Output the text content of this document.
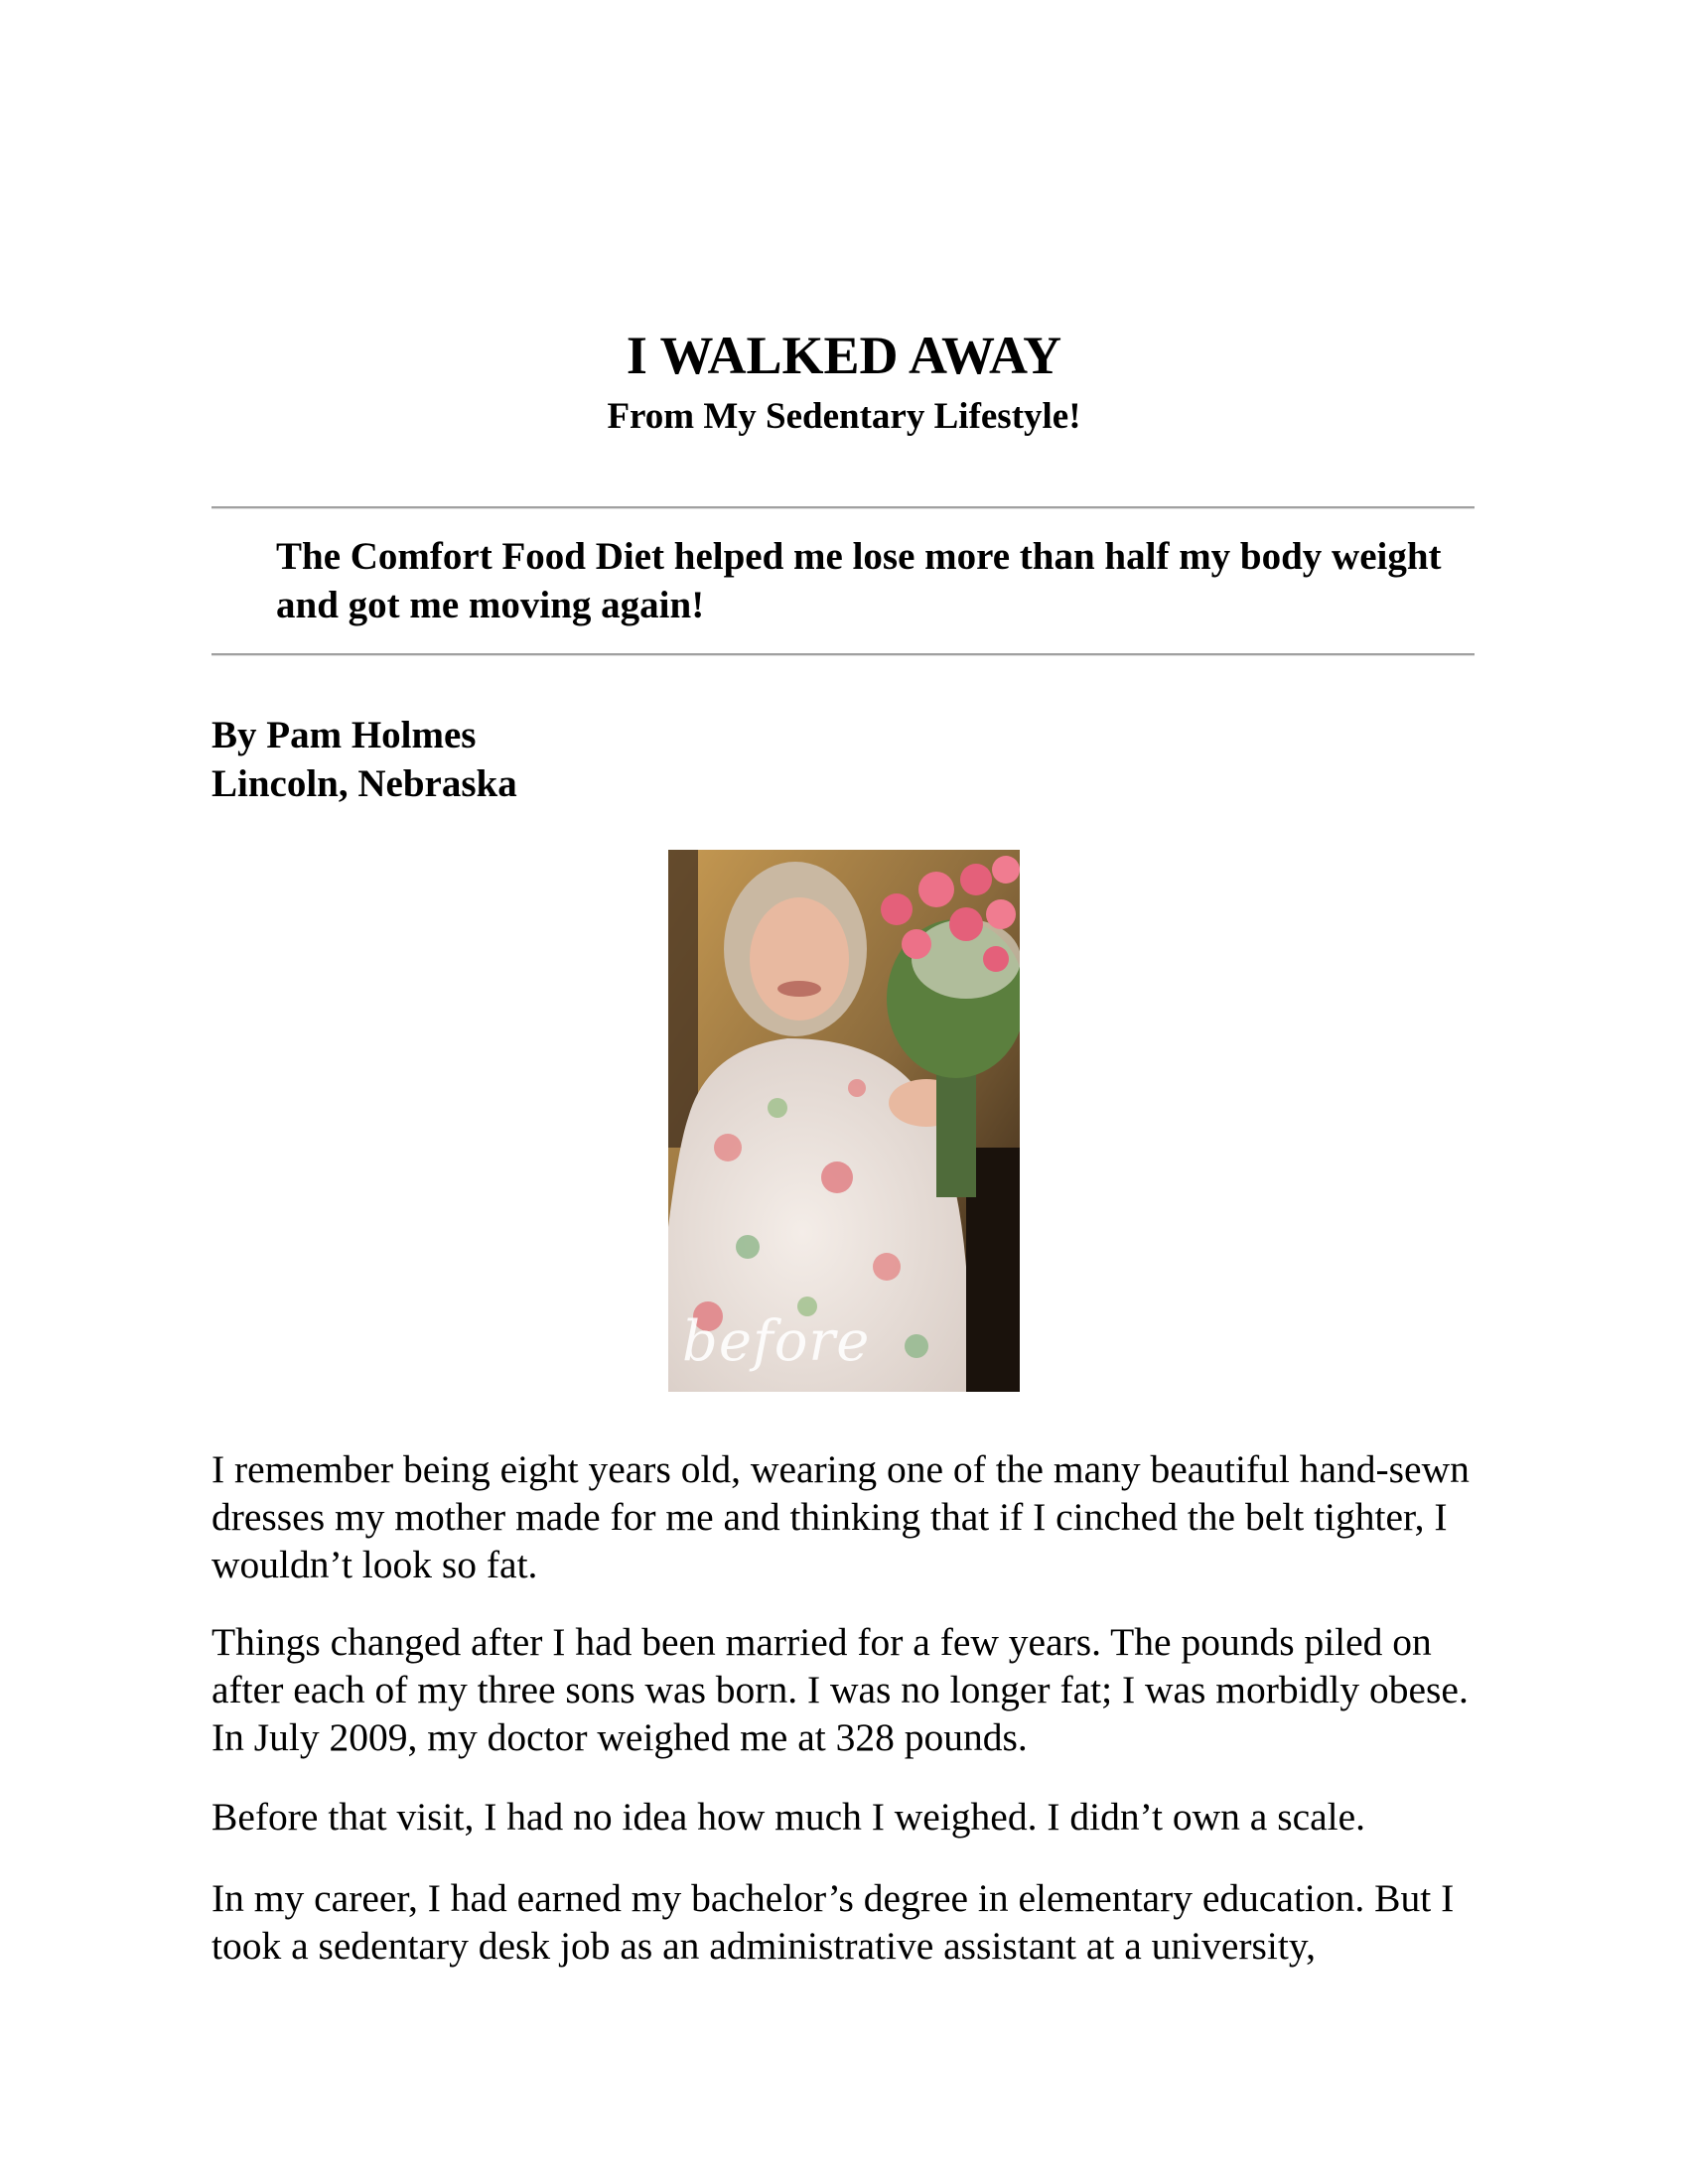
I WALKED AWAY
From My Sedentary Lifestyle!

The Comfort Food Diet helped me lose more than half my body weight and got me moving again!

By Pam Holmes
Lincoln, Nebraska
before

I remember being eight years old, wearing one of the many beautiful hand-sewn dresses my mother made for me and thinking that if I cinched the belt tighter, I wouldn’t look so fat.

Things changed after I had been married for a few years. The pounds piled on after each of my three sons was born. I was no longer fat; I was morbidly obese. In July 2009, my doctor weighed me at 328 pounds.

Before that visit, I had no idea how much I weighed. I didn’t own a scale.

In my career, I had earned my bachelor’s degree in elementary education. But I took a sedentary desk job as an administrative assistant at a university,
